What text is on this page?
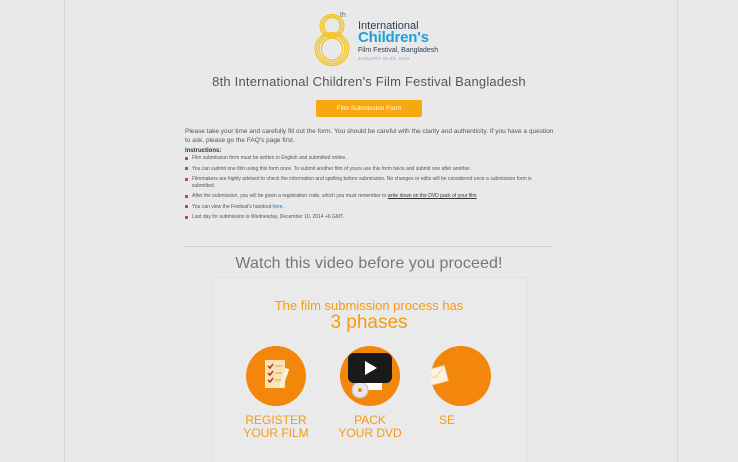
th
International
Children's
Film Festival, Bangladesh
JANUARY 24-30, 2015
8th International Children's Film Festival Bangladesh
Film Submission Form
Please take your time and carefully fill out the form. You should be careful with the clarity and authenticity. If you have a question to ask, please go the FAQ's page first.
Instructions:
Film submission form must be written in English and submitted online.
You can submit one film using this form once. To submit another film of yours use this form twice and submit one after another.
Filmmakers are highly advised to check the information and spelling before submission. No changes or edits will be considered once a submission form is submitted.
After the submission, you will be given a registration code, which you must remember to write down on the DVD pack of your film
You can view the Festival's handout here.
Last day for submission is Wednesday, December 10, 2014 +6 GMT.
Watch this video before you proceed!
The film submission process has
3 phases
REGISTER
YOUR FILM
PACK
YOUR DVD
SE
